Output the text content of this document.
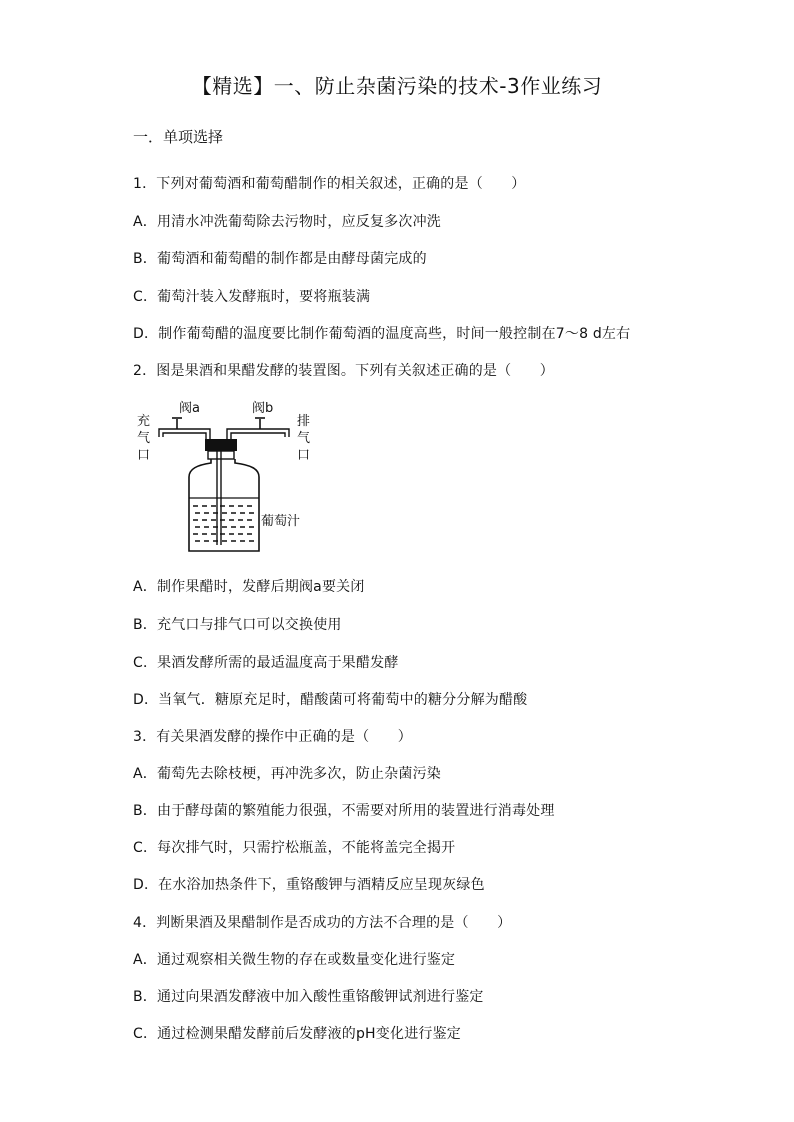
【精选】一、防止杂菌污染的技术-3作业练习
一．单项选择
1．下列对葡萄酒和葡萄醋制作的相关叙述，正确的是（　　）
A．用清水冲洗葡萄除去污物时，应反复多次冲洗
B．葡萄酒和葡萄醋的制作都是由酵母菌完成的
C．葡萄汁装入发酵瓶时，要将瓶装满
D．制作葡萄醋的温度要比制作葡萄酒的温度高些，时间一般控制在7～8 d左右
2．图是果酒和果醋发酵的装置图。下列有关叙述正确的是（　　）
阀a	阀b
充
气
口
排
气
口
葡萄汁
A．制作果醋时，发酵后期阀a要关闭
B．充气口与排气口可以交换使用
C．果酒发酵所需的最适温度高于果醋发酵
D．当氧气．糖原充足时，醋酸菌可将葡萄中的糖分分解为醋酸
3．有关果酒发酵的操作中正确的是（　　）
A．葡萄先去除枝梗，再冲洗多次，防止杂菌污染
B．由于酵母菌的繁殖能力很强，不需要对所用的装置进行消毒处理
C．每次排气时，只需拧松瓶盖，不能将盖完全揭开
D．在水浴加热条件下，重铬酸钾与酒精反应呈现灰绿色
4．判断果酒及果醋制作是否成功的方法不合理的是（　　）
A．通过观察相关微生物的存在或数量变化进行鉴定
B．通过向果酒发酵液中加入酸性重铬酸钾试剂进行鉴定
C．通过检测果醋发酵前后发酵液的pH变化进行鉴定
